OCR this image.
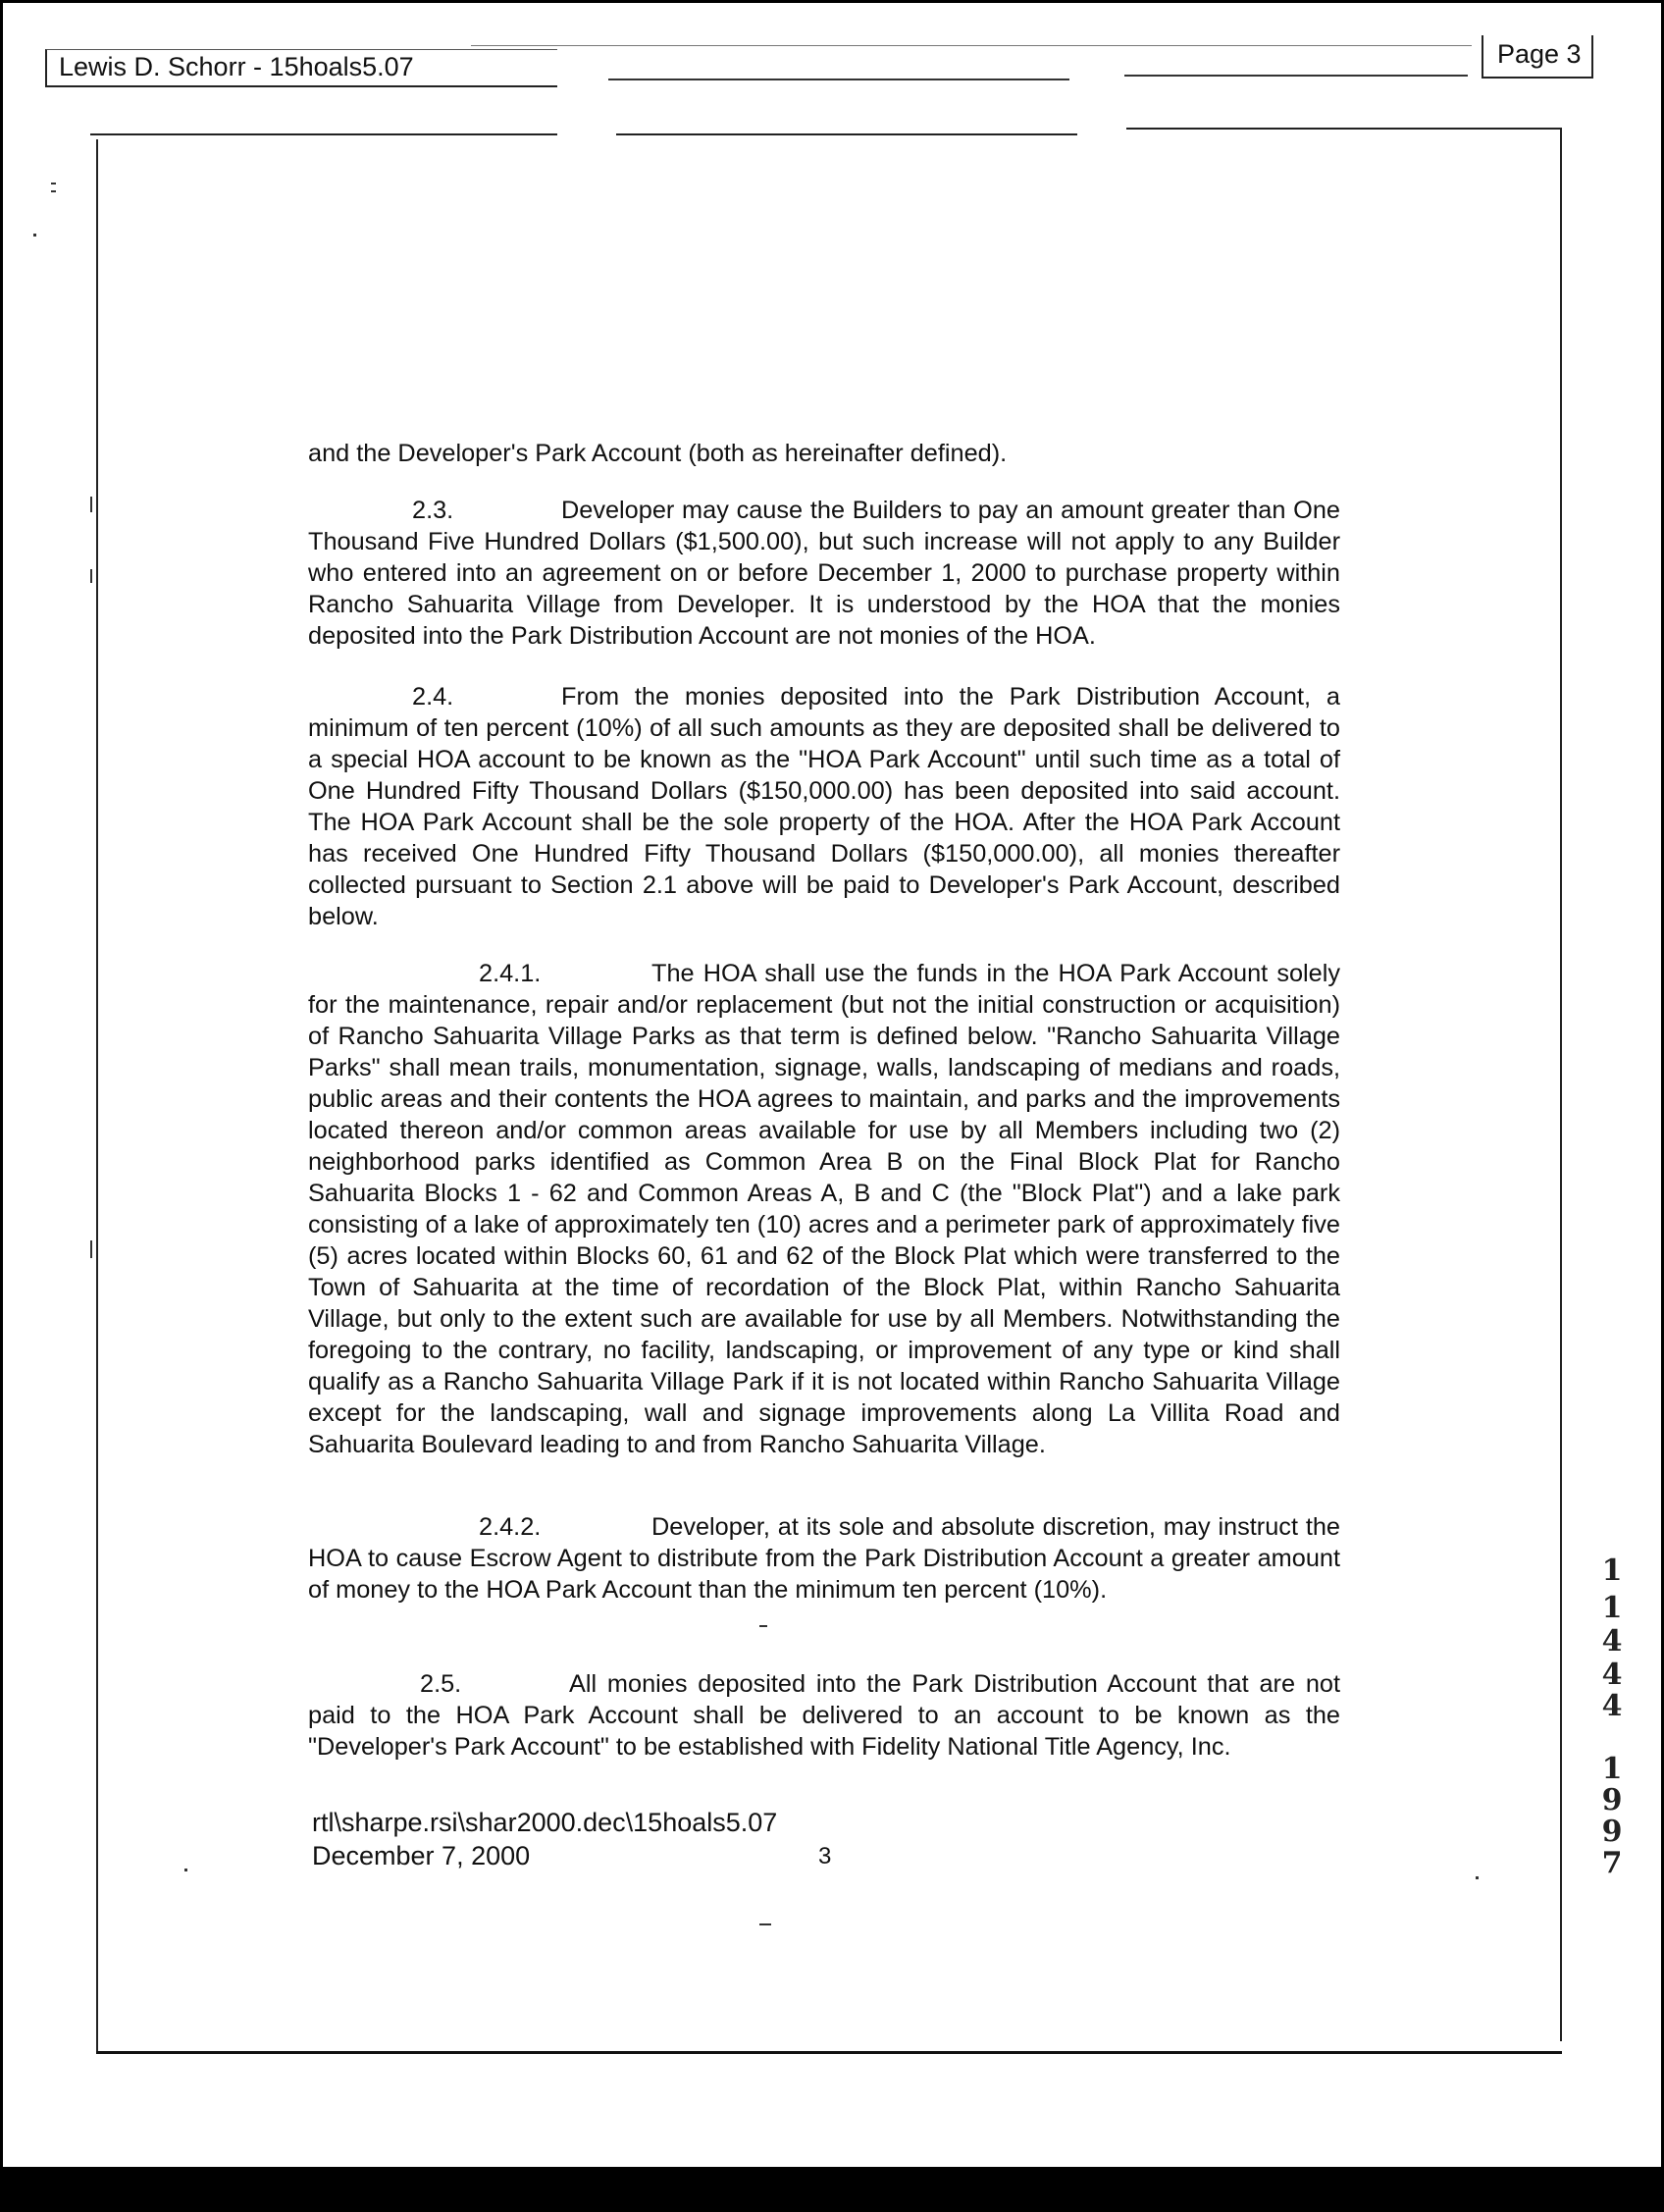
Lewis D. Schorr - 15hoals5.07	Page 3
and the Developer's Park Account (both as hereinafter defined).
2.3.	Developer may cause the Builders to pay an amount greater than One Thousand Five Hundred Dollars ($1,500.00), but such increase will not apply to any Builder who entered into an agreement on or before December 1, 2000 to purchase property within Rancho Sahuarita Village from Developer. It is understood by the HOA that the monies deposited into the Park Distribution Account are not monies of the HOA.
2.4.	From the monies deposited into the Park Distribution Account, a minimum of ten percent (10%) of all such amounts as they are deposited shall be delivered to a special HOA account to be known as the "HOA Park Account" until such time as a total of One Hundred Fifty Thousand Dollars ($150,000.00) has been deposited into said account. The HOA Park Account shall be the sole property of the HOA. After the HOA Park Account has received One Hundred Fifty Thousand Dollars ($150,000.00), all monies thereafter collected pursuant to Section 2.1 above will be paid to Developer's Park Account, described below.
2.4.1.	The HOA shall use the funds in the HOA Park Account solely for the maintenance, repair and/or replacement (but not the initial construction or acquisition) of Rancho Sahuarita Village Parks as that term is defined below. "Rancho Sahuarita Village Parks" shall mean trails, monumentation, signage, walls, landscaping of medians and roads, public areas and their contents the HOA agrees to maintain, and parks and the improvements located thereon and/or common areas available for use by all Members including two (2) neighborhood parks identified as Common Area B on the Final Block Plat for Rancho Sahuarita Blocks 1 - 62 and Common Areas A, B and C (the "Block Plat") and a lake park consisting of a lake of approximately ten (10) acres and a perimeter park of approximately five (5) acres located within Blocks 60, 61 and 62 of the Block Plat which were transferred to the Town of Sahuarita at the time of recordation of the Block Plat, within Rancho Sahuarita Village, but only to the extent such are available for use by all Members. Notwithstanding the foregoing to the contrary, no facility, landscaping, or improvement of any type or kind shall qualify as a Rancho Sahuarita Village Park if it is not located within Rancho Sahuarita Village except for the landscaping, wall and signage improvements along La Villita Road and Sahuarita Boulevard leading to and from Rancho Sahuarita Village.
2.4.2.	Developer, at its sole and absolute discretion, may instruct the HOA to cause Escrow Agent to distribute from the Park Distribution Account a greater amount of money to the HOA Park Account than the minimum ten percent (10%).
2.5.	All monies deposited into the Park Distribution Account that are not paid to the HOA Park Account shall be delivered to an account to be known as the "Developer's Park Account" to be established with Fidelity National Title Agency, Inc.
rtl\sharpe.rsi\shar2000.dec\15hoals5.07
December 7, 2000	3
1
1
4
4
4
1
9
9
7
